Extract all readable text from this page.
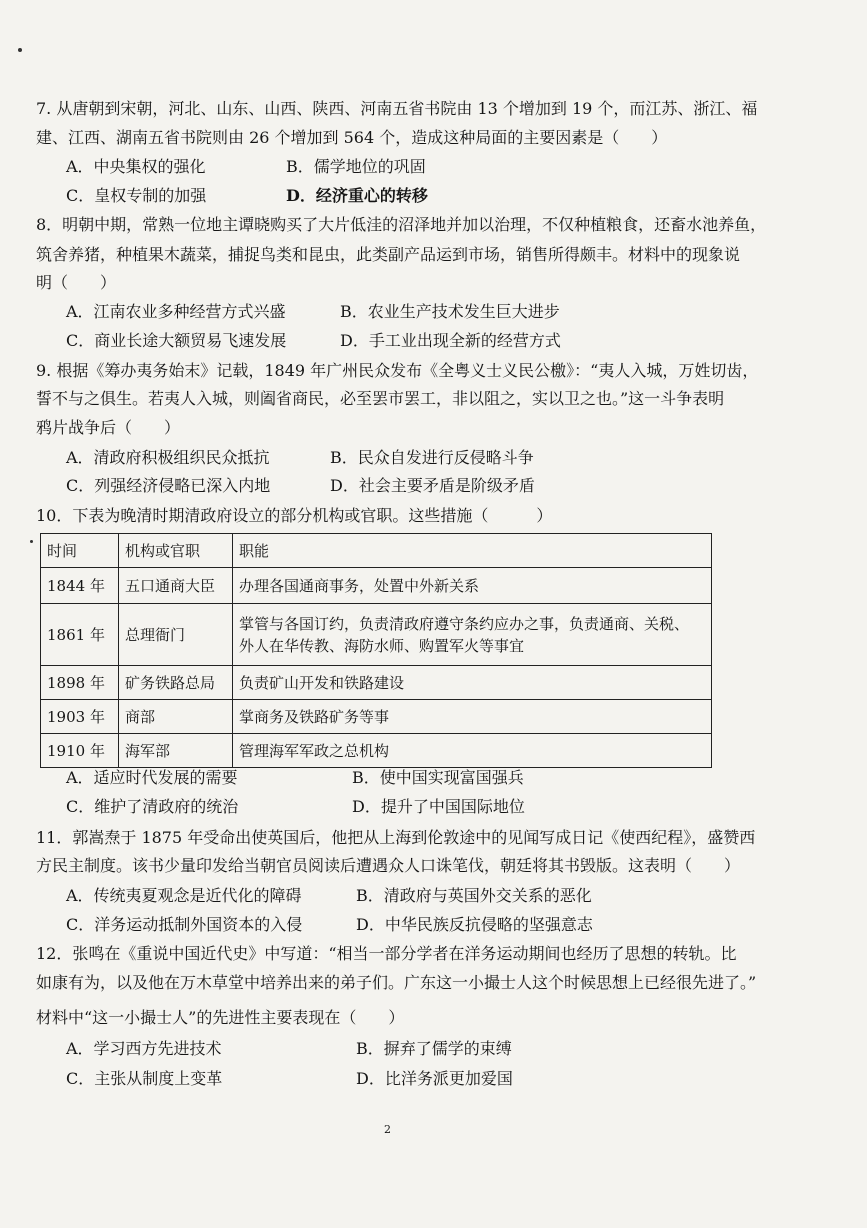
7. 从唐朝到宋朝，河北、山东、山西、陕西、河南五省书院由 13 个增加到 19 个，而江苏、浙江、福
建、江西、湖南五省书院则由 26 个增加到 564 个，造成这种局面的主要因素是（　　）
A．中央集权的强化	B．儒学地位的巩固
C．皇权专制的加强	D．经济重心的转移
8．明朝中期，常熟一位地主谭晓购买了大片低洼的沼泽地并加以治理，不仅种植粮食，还畜水池养鱼，
筑舍养猪，种植果木蔬菜，捕捉鸟类和昆虫，此类副产品运到市场，销售所得颇丰。材料中的现象说
明（　　）
A．江南农业多种经营方式兴盛	B．农业生产技术发生巨大进步
C．商业长途大额贸易飞速发展	D．手工业出现全新的经营方式
9. 根据《筹办夷务始末》记载，1849 年广州民众发布《全粤义士义民公檄》：“夷人入城，万姓切齿，
誓不与之俱生。若夷人入城，则阖省商民，必至罢市罢工，非以阻之，实以卫之也。”这一斗争表明
鸦片战争后（　　）
A．清政府积极组织民众抵抗	B．民众自发进行反侵略斗争
C．列强经济侵略已深入内地	D．社会主要矛盾是阶级矛盾
10．下表为晚清时期清政府设立的部分机构或官职。这些措施（　　　）
时间	机构或官职	职能
1844 年	五口通商大臣	办理各国通商事务，处置中外新关系
1861 年	总理衙门	掌管与各国订约，负责清政府遵守条约应办之事，负责通商、关税、
外人在华传教、海防水师、购置军火等事宜

1898 年	矿务铁路总局	负责矿山开发和铁路建设
1903 年	商部	掌商务及铁路矿务等事
1910 年	海军部	管理海军军政之总机构
A．适应时代发展的需要	B．使中国实现富国强兵
C．维护了清政府的统治	D．提升了中国国际地位
11．郭嵩焘于 1875 年受命出使英国后，他把从上海到伦敦途中的见闻写成日记《使西纪程》，盛赞西
方民主制度。该书少量印发给当朝官员阅读后遭遇众人口诛笔伐，朝廷将其书毁版。这表明（　　）
A．传统夷夏观念是近代化的障碍	B．清政府与英国外交关系的恶化
C．洋务运动抵制外国资本的入侵	D．中华民族反抗侵略的坚强意志
12．张鸣在《重说中国近代史》中写道：“相当一部分学者在洋务运动期间也经历了思想的转轨。比
如康有为，以及他在万木草堂中培养出来的弟子们。广东这一小撮士人这个时候思想上已经很先进了。”
材料中“这一小撮士人”的先进性主要表现在（　　）
A．学习西方先进技术	B．摒弃了儒学的束缚
C．主张从制度上变革	D．比洋务派更加爱国
2
